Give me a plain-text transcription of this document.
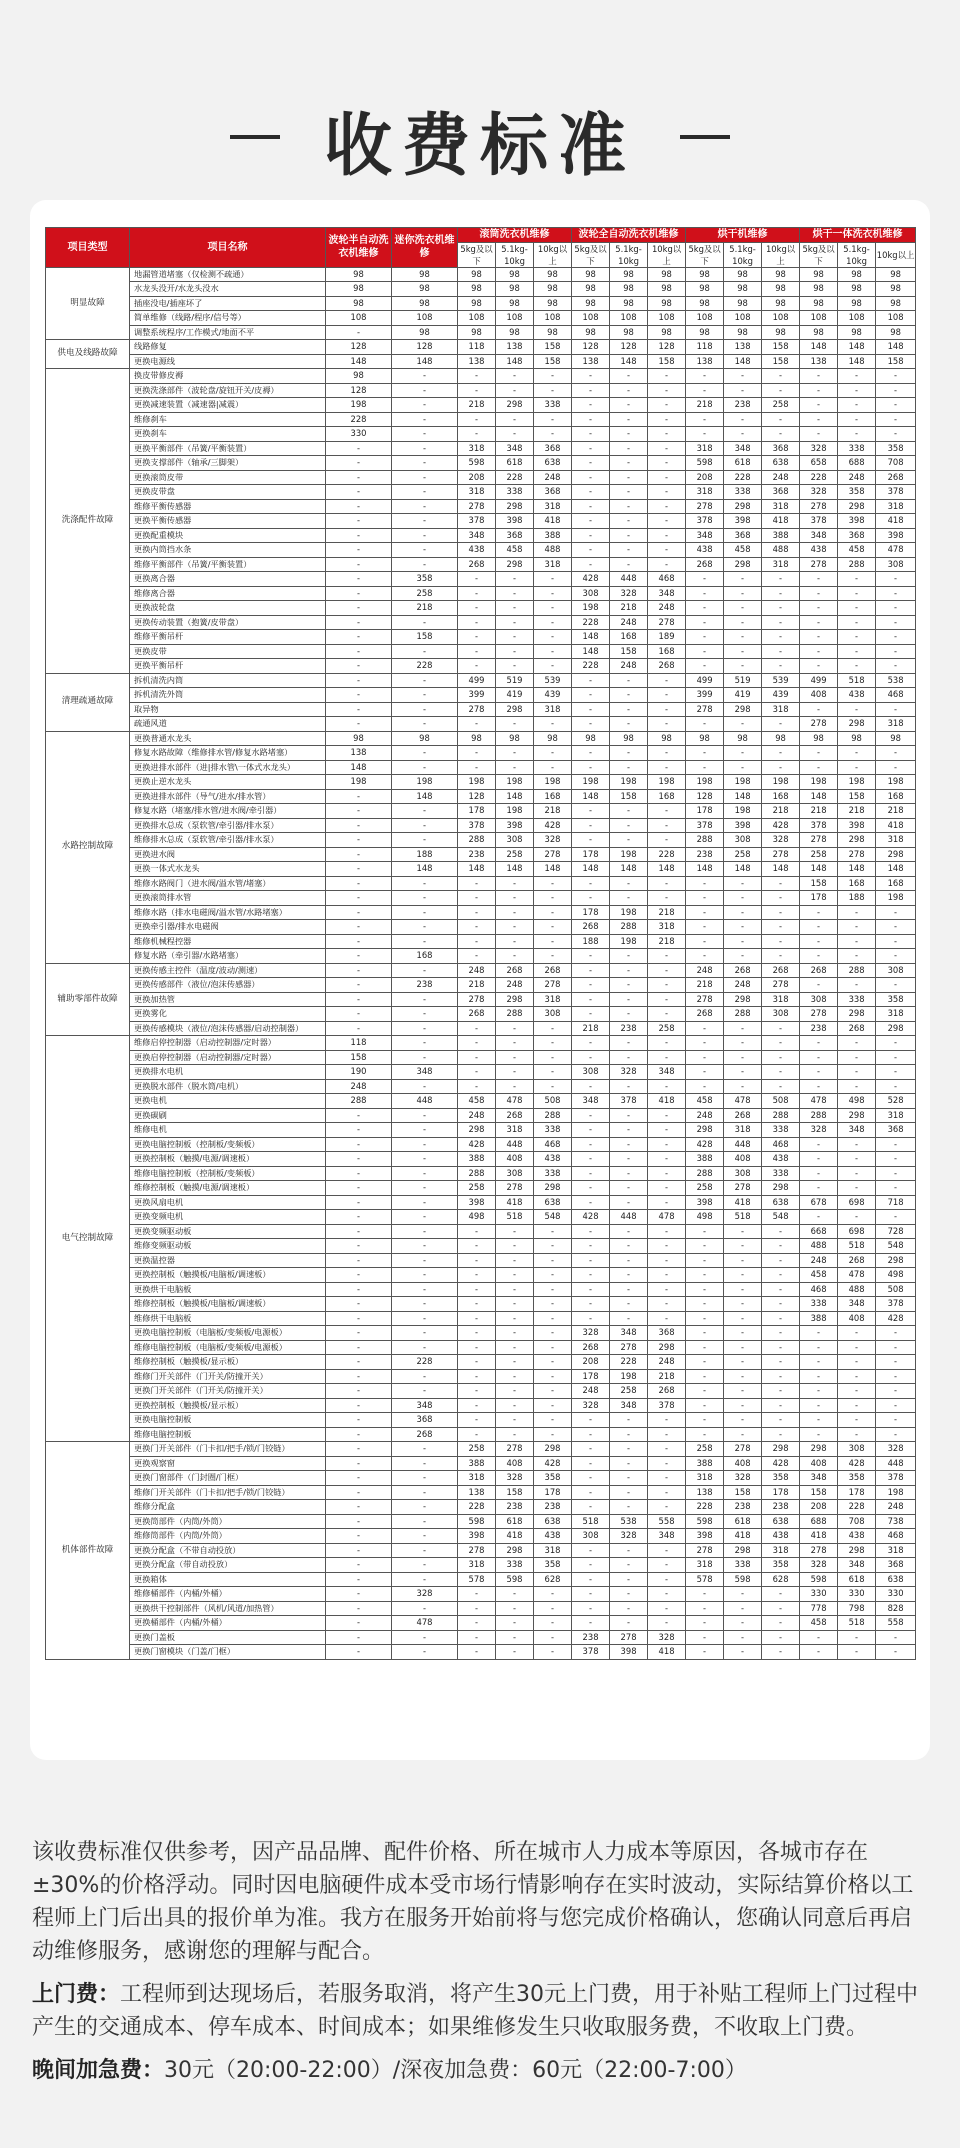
收费标准
项目类型	项目名称	波轮半自动洗衣机维修	迷你洗衣机维修	滚筒洗衣机维修			波轮全自动洗衣机维修			烘干机维修			烘干一体洗衣机维修		
				5kg及以下	5.1kg-10kg	10kg以上	5kg及以下	5.1kg-10kg	10kg以上	5kg及以下	5.1kg-10kg	10kg以上	5kg及以下	5.1kg-10kg	10kg以上
明显故障	地漏管道堵塞（仅检测不疏通）	98	98	98	98	98	98	98	98	98	98	98	98	98	98
	水龙头没开/水龙头没水	98	98	98	98	98	98	98	98	98	98	98	98	98	98
	插座没电/插座坏了	98	98	98	98	98	98	98	98	98	98	98	98	98	98
	简单维修（线路/程序/信号等）	108	108	108	108	108	108	108	108	108	108	108	108	108	108
	调整系统程序/工作模式/地面不平	-	98	98	98	98	98	98	98	98	98	98	98	98	98
供电及线路故障	线路修复	128	128	118	138	158	128	128	128	118	138	158	148	148	148
	更换电源线	148	148	138	148	158	138	148	158	138	148	158	138	148	158
洗涤配件故障	换皮带修皮褥	98	-	-	-	-	-	-	-	-	-	-	-	-	-
	更换洗涤部件（波轮盘/旋钮开关/皮褥）	128	-	-	-	-	-	-	-	-	-	-	-	-	-
	更换减速装置（减速器|减震）	198	-	218	298	338	-	-	-	218	238	258	-	-	-
	维修刹车	228	-	-	-	-	-	-	-	-	-	-	-	-	-
	更换刹车	330	-	-	-	-	-	-	-	-	-	-	-	-	-
	更换平衡部件（吊簧/平衡装置）	-	-	318	348	368	-	-	-	318	348	368	328	338	358
	更换支撑部件（轴承/三脚架）	-	-	598	618	638	-	-	-	598	618	638	658	688	708
	更换滚筒皮带	-	-	208	228	248	-	-	-	208	228	248	228	248	268
	更换皮带盘	-	-	318	338	368	-	-	-	318	338	368	328	358	378
	维修平衡传感器	-	-	278	298	318	-	-	-	278	298	318	278	298	318
	更换平衡传感器	-	-	378	398	418	-	-	-	378	398	418	378	398	418
	更换配重模块	-	-	348	368	388	-	-	-	348	368	388	348	368	398
	更换内筒挡水条	-	-	438	458	488	-	-	-	438	458	488	438	458	478
	维修平衡部件（吊簧/平衡装置）	-	-	268	298	318	-	-	-	268	298	318	278	288	308
	更换离合器	-	358	-	-	-	428	448	468	-	-	-	-	-	-
	维修离合器	-	258	-	-	-	308	328	348	-	-	-	-	-	-
	更换波轮盘	-	218	-	-	-	198	218	248	-	-	-	-	-	-
	更换传动装置（抱簧/皮带盘）	-	-	-	-	-	228	248	278	-	-	-	-	-	-
	维修平衡吊杆	-	158	-	-	-	148	168	189	-	-	-	-	-	-
	更换皮带	-	-	-	-	-	148	158	168	-	-	-	-	-	-
	更换平衡吊杆	-	228	-	-	-	228	248	268	-	-	-	-	-	-
清理疏通故障	拆机清洗内筒	-	-	499	519	539	-	-	-	499	519	539	499	518	538
	拆机清洗外筒	-	-	399	419	439	-	-	-	399	419	439	408	438	468
	取异物	-	-	278	298	318	-	-	-	278	298	318	-	-	-
	疏通风道	-	-	-	-	-	-	-	-	-	-	-	278	298	318
水路控制故障	更换普通水龙头	98	98	98	98	98	98	98	98	98	98	98	98	98	98
	修复水路故障（维修排水管/修复水路堵塞）	138	-	-	-	-	-	-	-	-	-	-	-	-	-
	更换进排水部件（进|排水管\一体式水龙头）	148	-	-	-	-	-	-	-	-	-	-	-	-	-
	更换止逆水龙头	198	198	198	198	198	198	198	198	198	198	198	198	198	198
	更换进排水部件（导气/进水/排水管）	-	148	128	148	168	148	158	168	128	148	168	148	158	168
	修复水路（堵塞/排水管/进水阀/牵引器）	-	-	178	198	218	-	-	-	178	198	218	218	218	218
	更换排水总成（泵软管/牵引器/排水泵）	-	-	378	398	428	-	-	-	378	398	428	378	398	418
	维修排水总成（泵软管/牵引器/排水泵）	-	-	288	308	328	-	-	-	288	308	328	278	298	318
	更换进水阀	-	188	238	258	278	178	198	228	238	258	278	258	278	298
	更换一体式水龙头	-	148	148	148	148	148	148	148	148	148	148	148	148	148
	维修水路阀门（进水阀/溢水管/堵塞）	-	-	-	-	-	-	-	-	-	-	-	158	168	168
	更换滚筒排水管	-	-	-	-	-	-	-	-	-	-	-	178	188	198
	维修水路（排水电磁阀/溢水管/水路堵塞）	-	-	-	-	-	178	198	218	-	-	-	-	-	-
	更换牵引器/排水电磁阀	-	-	-	-	-	268	288	318	-	-	-	-	-	-
	维修机械程控器	-	-	-	-	-	188	198	218	-	-	-	-	-	-
	修复水路（牵引器/水路堵塞）	-	168	-	-	-	-	-	-	-	-	-	-	-	-
辅助零部件故障	更换传感主控件（温度/波动/测速）	-	-	248	268	268	-	-	-	248	268	268	268	288	308
	更换传感部件（液位/泡沫传感器）	-	238	218	248	278	-	-	-	218	248	278	-	-	-
	更换加热管	-	-	278	298	318	-	-	-	278	298	318	308	338	358
	更换雾化	-	-	268	288	308	-	-	-	268	288	308	278	298	318
	更换传感模块（液位/泡沫传感器/启动控制器）	-	-	-	-	-	218	238	258	-	-	-	238	268	298
电气控制故障	维修启停控制器（启动控制器/定时器）	118	-	-	-	-	-	-	-	-	-	-	-	-	-
	更换启停控制器（启动控制器/定时器）	158	-	-	-	-	-	-	-	-	-	-	-	-	-
	更换排水电机	190	348	-	-	-	308	328	348	-	-	-	-	-	-
	更换脱水部件（脱水筒/电机）	248	-	-	-	-	-	-	-	-	-	-	-	-	-
	更换电机	288	448	458	478	508	348	378	418	458	478	508	478	498	528
	更换碳刷	-	-	248	268	288	-	-	-	248	268	288	288	298	318
	维修电机	-	-	298	318	338	-	-	-	298	318	338	328	348	368
	更换电脑控制板（控制板/变频板）	-	-	428	448	468	-	-	-	428	448	468	-	-	-
	更换控制板（触摸/电源/调速板）	-	-	388	408	438	-	-	-	388	408	438	-	-	-
	维修电脑控制板（控制板/变频板）	-	-	288	308	338	-	-	-	288	308	338	-	-	-
	维修控制板（触摸/电源/调速板）	-	-	258	278	298	-	-	-	258	278	298	-	-	-
	更换风扇电机	-	-	398	418	638	-	-	-	398	418	638	678	698	718
	更换变频电机	-	-	498	518	548	428	448	478	498	518	548	-	-	-
	更换变频驱动板	-	-	-	-	-	-	-	-	-	-	-	668	698	728
	维修变频驱动板	-	-	-	-	-	-	-	-	-	-	-	488	518	548
	更换温控器	-	-	-	-	-	-	-	-	-	-	-	248	268	298
	更换控制板（触摸板/电脑板/调速板）	-	-	-	-	-	-	-	-	-	-	-	458	478	498
	更换烘干电脑板	-	-	-	-	-	-	-	-	-	-	-	468	488	508
	维修控制板（触摸板/电脑板/调速板）	-	-	-	-	-	-	-	-	-	-	-	338	348	378
	维修烘干电脑板	-	-	-	-	-	-	-	-	-	-	-	388	408	428
	更换电脑控制板（电脑板/变频板/电源板）	-	-	-	-	-	328	348	368	-	-	-	-	-	-
	维修电脑控制板（电脑板/变频板/电源板）	-	-	-	-	-	268	278	298	-	-	-	-	-	-
	维修控制板（触摸板/显示板）	-	228	-	-	-	208	228	248	-	-	-	-	-	-
	维修门开关部件（门开关/防撞开关）	-	-	-	-	-	178	198	218	-	-	-	-	-	-
	更换门开关部件（门开关/防撞开关）	-	-	-	-	-	248	258	268	-	-	-	-	-	-
	更换控制板（触摸板/显示板）	-	348	-	-	-	328	348	378	-	-	-	-	-	-
	更换电脑控制板	-	368	-	-	-	-	-	-	-	-	-	-	-	-
	维修电脑控制板	-	268	-	-	-	-	-	-	-	-	-	-	-	-
机体部件故障	更换门开关部件（门卡扣/把手/锁/门铰链）	-	-	258	278	298	-	-	-	258	278	298	298	308	328
	更换观察窗	-	-	388	408	428	-	-	-	388	408	428	408	428	448
	更换门窗部件（门封圈/门框）	-	-	318	328	358	-	-	-	318	328	358	348	358	378
	维修门开关部件（门卡扣/把手/锁/门铰链）	-	-	138	158	178	-	-	-	138	158	178	158	178	198
	维修分配盒	-	-	228	238	238	-	-	-	228	238	238	208	228	248
	更换筒部件（内筒/外筒）	-	-	598	618	638	518	538	558	598	618	638	688	708	738
	维修筒部件（内筒/外筒）	-	-	398	418	438	308	328	348	398	418	438	418	438	468
	更换分配盒（不带自动投放）	-	-	278	298	318	-	-	-	278	298	318	278	298	318
	更换分配盒（带自动投放）	-	-	318	338	358	-	-	-	318	338	358	328	348	368
	更换箱体	-	-	578	598	628	-	-	-	578	598	628	598	618	638
	维修桶部件（内桶/外桶）	-	328	-	-	-	-	-	-	-	-	-	330	330	330
	更换烘干控制部件（风机/风道/加热管）	-	-	-	-	-	-	-	-	-	-	-	778	798	828
	更换桶部件（内桶/外桶）	-	478	-	-	-	-	-	-	-	-	-	458	518	558
	更换门盖板	-	-	-	-	-	238	278	328	-	-	-	-	-	-
	更换门窗模块（门盖/门框）	-	-	-	-	-	378	398	418	-	-	-	-	-	-

该收费标准仅供参考，因产品品牌、配件价格、所在城市人力成本等原因，各城市存在±30%的价格浮动。同时因电脑硬件成本受市场行情影响存在实时波动，实际结算价格以工程师上门后出具的报价单为准。我方在服务开始前将与您完成价格确认，您确认同意后再启动维修服务，感谢您的理解与配合。

上门费：工程师到达现场后，若服务取消，将产生30元上门费，用于补贴工程师上门过程中产生的交通成本、停车成本、时间成本；如果维修发生只收取服务费，不收取上门费。

晚间加急费：30元（20:00-22:00）/深夜加急费：60元（22:00-7:00）
